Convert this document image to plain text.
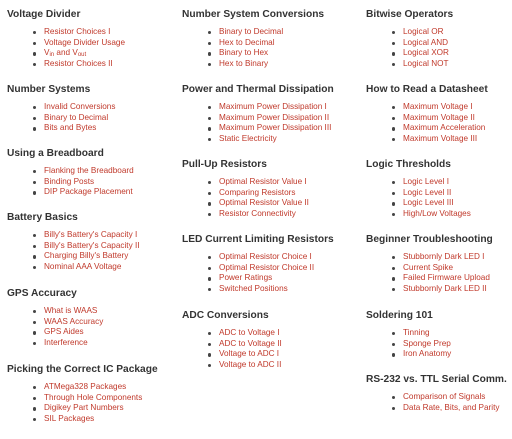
Voltage Divider
Resistor Choices I
Voltage Divider Usage
Vin and Vout
Resistor Choices II
Number Systems
Invalid Conversions
Binary to Decimal
Bits and Bytes
Using a Breadboard
Flanking the Breadboard
Binding Posts
DIP Package Placement
Battery Basics
Billy's Battery's Capacity I
Billy's Battery's Capacity II
Charging Billy's Battery
Nominal AAA Voltage
GPS Accuracy
What is WAAS
WAAS Accuracy
GPS Aides
Interference
Picking the Correct IC Package
ATMega328 Packages
Through Hole Components
Digikey Part Numbers
SIL Packages
Number System Conversions
Binary to Decimal
Hex to Decimal
Binary to Hex
Hex to Binary
Power and Thermal Dissipation
Maximum Power Dissipation I
Maximum Power Dissipation II
Maximum Power Dissipation III
Static Electricity
Pull-Up Resistors
Optimal Resistor Value I
Comparing Resistors
Optimal Resistor Value II
Resistor Connectivity
LED Current Limiting Resistors
Optimal Resistor Choice I
Optimal Resistor Choice II
Power Ratings
Switched Positions
ADC Conversions
ADC to Voltage I
ADC to Voltage II
Voltage to ADC I
Voltage to ADC II
Bitwise Operators
Logical OR
Logical AND
Logical XOR
Logical NOT
How to Read a Datasheet
Maximum Voltage I
Maximum Voltage II
Maximum Acceleration
Maximum Voltage III
Logic Thresholds
Logic Level I
Logic Level II
Logic Level III
High/Low Voltages
Beginner Troubleshooting
Stubbornly Dark LED I
Current Spike
Failed Firmware Upload
Stubbornly Dark LED II
Soldering 101
Tinning
Sponge Prep
Iron Anatomy
RS-232 vs. TTL Serial Comm.
Comparison of Signals
Data Rate, Bits, and Parity
